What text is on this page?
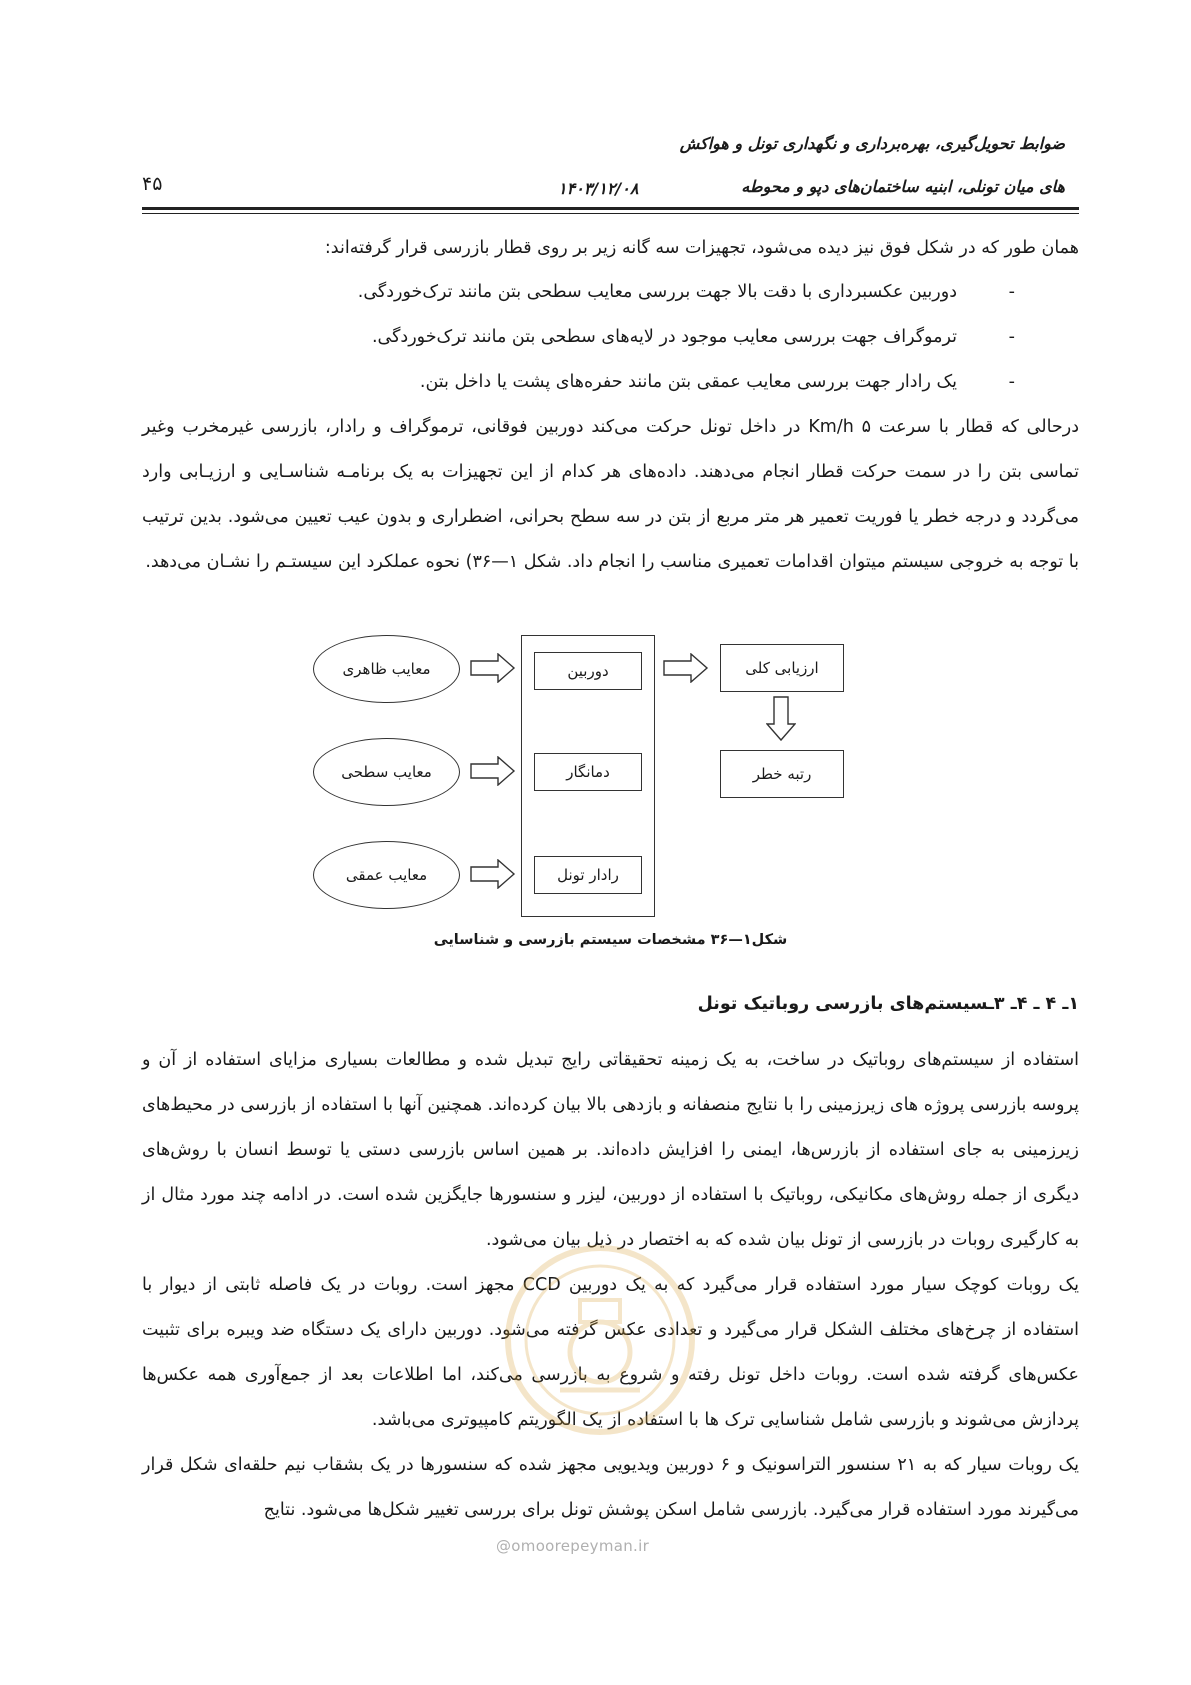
ضوابط تحویل‌گیری، بهره‌برداری و نگهداری تونل و هواکش
های میان تونلی، ابنیه ساختمان‌های دپو و محوطه
۱۴۰۳/۱۲/۰۸
۴۵

همان طور که در شکل فوق نیز دیده می‌شود، تجهیزات سه گانه زیر بر روی قطار بازرسی قرار گرفته‌اند:

-دوربین عکسبرداری با دقت بالا جهت بررسی معایب سطحی بتن مانند ترک‌خوردگی.
-ترموگراف جهت بررسی معایب موجود در لایه‌های سطحی بتن مانند ترک‌خوردگی.
-یک رادار جهت بررسی معایب عمقی بتن مانند حفره‌های پشت یا داخل بتن.

درحالی که قطار با سرعت Km/h ۵ در داخل تونل حرکت می‌کند دوربین فوقانی، ترموگراف و رادار، بازرسی غیرمخرب وغیر تماسی بتن را در سمت حرکت قطار انجام می‌دهند. داده‌های هر کدام از این تجهیزات به یک برنامـه شناسـایی و ارزیـابی وارد می‌گردد و درجه خطر یا فوریت تعمیر هر متر مربع از بتن در سه سطح بحرانی، اضطراری و بدون عیب تعیین می‌شود. بدین ترتیب با توجه به خروجی سیستم میتوان اقدامات تعمیری مناسب را انجام داد. شکل ۱—۳۶) نحوه عملکرد این سیستـم را نشـان می‌دهد.

معایب ظاهری
معایب سطحی
معایب عمقی
دوربین
دمانگار
رادار تونل
ارزیابی کلی
رتبه خطر
شکل۱—۳۶ مشخصات سیستم بازرسی و شناسایی
۱ـ ۴ ـ ۴ـ ۳ـسیستم‌های بازرسی روباتیک تونل

استفاده از سیستم‌های روباتیک در ساخت، به یک زمینه تحقیقاتی رایج تبدیل شده و مطالعات بسیاری مزایای استفاده از آن و پروسه بازرسی پروژه های زیرزمینی را با نتایج منصفانه و بازدهی بالا بیان کرده‌اند. همچنین آنها با استفاده از بازرسی در محیط‌های زیرزمینی به جای استفاده از بازرس‌ها، ایمنی را افزایش داده‌اند. بر همین اساس بازرسی دستی یا توسط انسان با روش‌های دیگری از جمله روش‌های مکانیکی، روباتیک با استفاده از دوربین، لیزر و سنسورها جایگزین شده است. در ادامه چند مورد مثال از به کارگیری روبات در بازرسی از تونل بیان شده که به اختصار در ذیل بیان می‌شود.

یک روبات کوچک سیار مورد استفاده قرار می‌گیرد که به یک دوربین CCD مجهز است. روبات در یک فاصله ثابتی از دیوار با استفاده از چرخ‌های مختلف الشکل قرار می‌گیرد و تعدادی عکس گرفته می‌شود. دوربین دارای یک دستگاه ضد ویبره برای تثبیت عکس‌های گرفته شده است. روبات داخل تونل رفته و شروع به بازرسی می‌کند، اما اطلاعات بعد از جمع‌آوری همه عکس‌ها پردازش می‌شوند و بازرسی شامل شناسایی ترک ها با استفاده از یک الگوریتم کامپیوتری می‌باشد.

یک روبات سیار که به ۲۱ سنسور التراسونیک و ۶ دوربین ویدیویی مجهز شده که سنسورها در یک بشقاب نیم حلقه‌ای شکل قرار می‌گیرند مورد استفاده قرار می‌گیرد. بازرسی شامل اسکن پوشش تونل برای بررسی تغییر شکل‌ها می‌شود. نتایج

@omoorepeyman.ir
